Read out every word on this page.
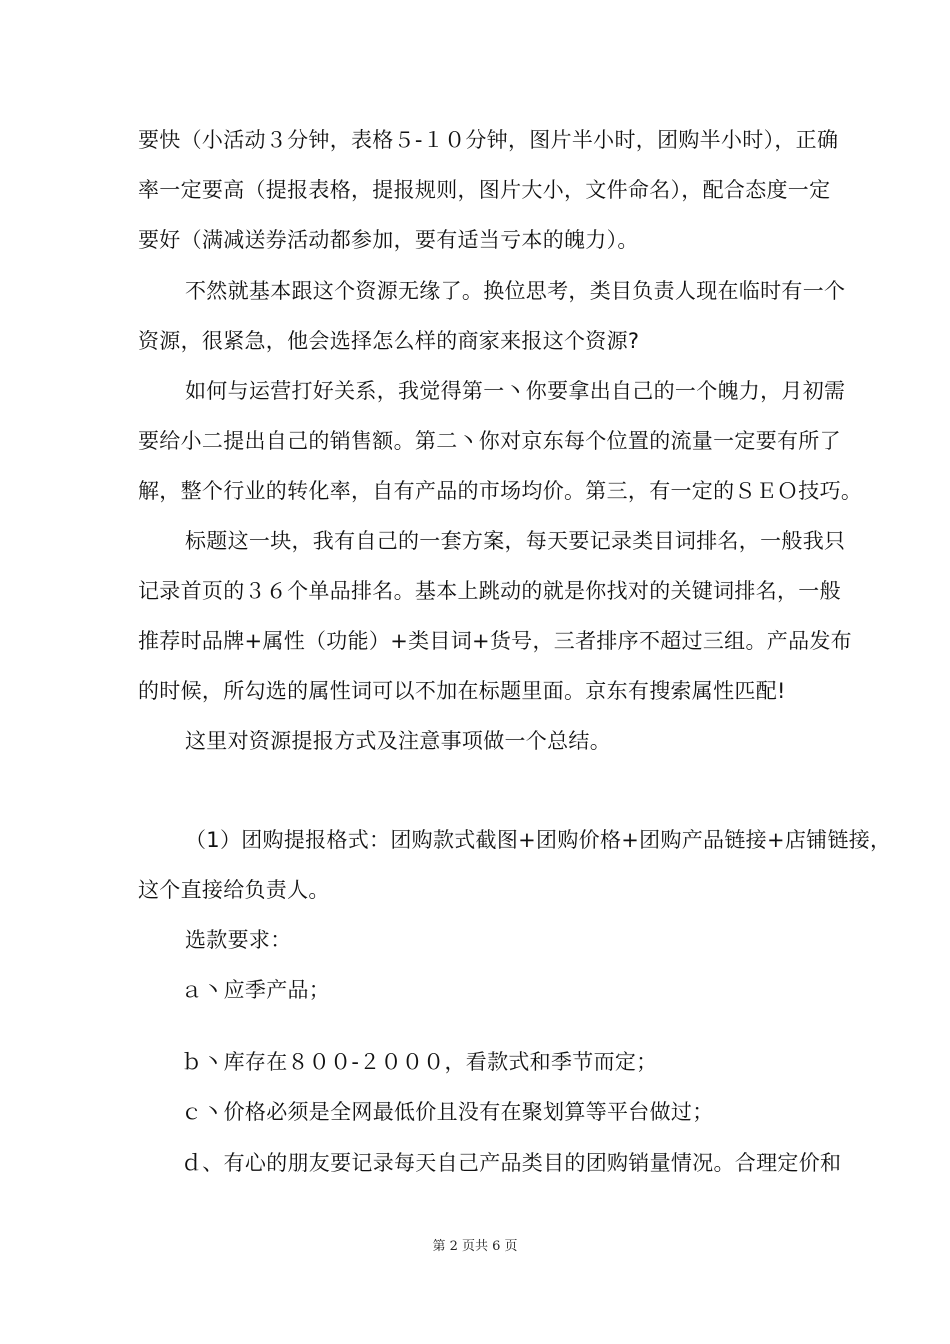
要快（小活动３分钟，表格５-１０分钟，图片半小时，团购半小时），正确
率一定要高（提报表格，提报规则，图片大小，文件命名），配合态度一定
要好（满减送券活动都参加，要有适当亏本的魄力）。
不然就基本跟这个资源无缘了。换位思考，类目负责人现在临时有一个
资源，很紧急，他会选择怎么样的商家来报这个资源?
如何与运营打好关系，我觉得第一丶你要拿出自己的一个魄力，月初需
要给小二提出自己的销售额。第二丶你对京东每个位置的流量一定要有所了
解，整个行业的转化率，自有产品的市场均价。第三，有一定的ＳＥＯ技巧。
标题这一块，我有自己的一套方案，每天要记录类目词排名，一般我只
记录首页的３６个单品排名。基本上跳动的就是你找对的关键词排名，一般
推荐时品牌+属性（功能）+类目词+货号，三者排序不超过三组。产品发布
的时候，所勾选的属性词可以不加在标题里面。京东有搜索属性匹配!
这里对资源提报方式及注意事项做一个总结。
（1）团购提报格式：团购款式截图+团购价格+团购产品链接+店铺链接，
这个直接给负责人。
选款要求：
ａ丶应季产品；
ｂ丶库存在８００-２０００，看款式和季节而定；
ｃ丶价格必须是全网最低价且没有在聚划算等平台做过；
ｄ、有心的朋友要记录每天自己产品类目的团购销量情况。合理定价和
第 2 页共 6 页
